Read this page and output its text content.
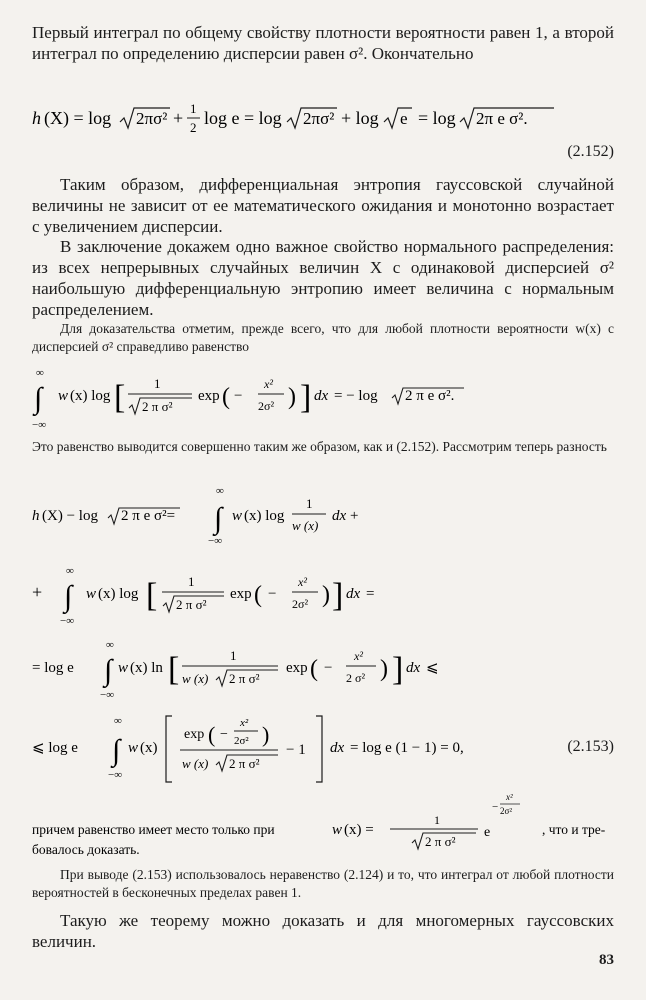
Первый интеграл по общему свойству плотности вероятности равен 1, а второй интеграл по определению дисперсии равен σ². Окончательно

h (X) = log 2πσ² + 1
2 log e = log 2πσ² + log e = log 2π e σ².
(2.152)

Таким образом, дифференциальная энтропия гауссовской случайной величины не зависит от ее математического ожидания и монотонно возрастает с увеличением дисперсии.

В заключение докажем одно важное свойство нормального распределения: из всех непрерывных случайных величин X с одинаковой дисперсией σ² наибольшую дифференциальную энтропию имеет величина с нормальным распределением.

Для доказательства отметим, прежде всего, что для любой плотности вероятности w(x) с дисперсией σ² справедливо равенство

∞
∫
−∞
w (x) log [ 1
2 π σ²
exp ( −
x²
2σ² ) ] dx = − log 2 π e σ².

Это равенство выводится совершенно таким же образом, как и (2.152). Рассмотрим теперь разность

h (X) − log 2 π e σ²=
∞
∫
−∞
w (x) log
1
w (x)
dx +
+
∞
∫
−∞
w (x) log [ 1
2 π σ²
exp ( −
x²
2σ² ) ] dx =
= log e
∞
∫
−∞
w (x) ln [	1
w (x) 2 π σ²
exp ( −
x²
2 σ² ) ] dx ⩽
⩽ log e
∞
∫
−∞
w (x)
exp ( −
x²
2σ² )
w (x) 2 π σ²
− 1 dx = log e (1 − 1) = 0,	(2.153)
причем равенство имеет место только при	w (x) =
1
2 π σ²
e
−
x²
2σ²
, что и тре-
бовалось доказать.

При выводе (2.153) использовалось неравенство (2.124) и то, что интеграл от любой плотности вероятностей в бесконечных пределах равен 1.

Такую же теорему можно доказать и для многомерных гауссовских величин.

83
